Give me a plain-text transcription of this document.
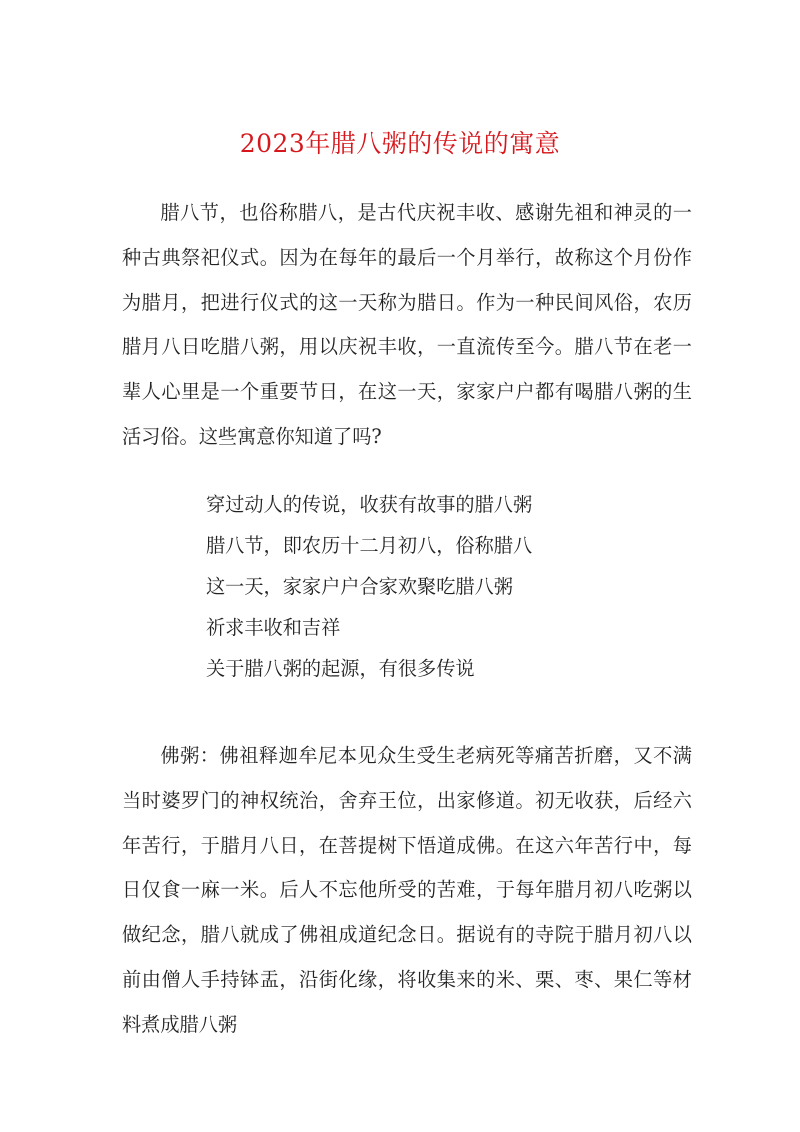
2023年腊八粥的传说的寓意

腊八节，也俗称腊八，是古代庆祝丰收、感谢先祖和神灵的一种古典祭祀仪式。因为在每年的最后一个月举行，故称这个月份作为腊月，把进行仪式的这一天称为腊日。作为一种民间风俗，农历腊月八日吃腊八粥，用以庆祝丰收，一直流传至今。腊八节在老一辈人心里是一个重要节日，在这一天，家家户户都有喝腊八粥的生活习俗。这些寓意你知道了吗?

穿过动人的传说，收获有故事的腊八粥
腊八节，即农历十二月初八，俗称腊八
这一天，家家户户合家欢聚吃腊八粥
祈求丰收和吉祥
关于腊八粥的起源，有很多传说

佛粥：佛祖释迦牟尼本见众生受生老病死等痛苦折磨，又不满当时婆罗门的神权统治，舍弃王位，出家修道。初无收获，后经六年苦行，于腊月八日，在菩提树下悟道成佛。在这六年苦行中，每日仅食一麻一米。后人不忘他所受的苦难，于每年腊月初八吃粥以做纪念，腊八就成了佛祖成道纪念日。据说有的寺院于腊月初八以前由僧人手持钵盂，沿街化缘，将收集来的米、栗、枣、果仁等材料煮成腊八粥
